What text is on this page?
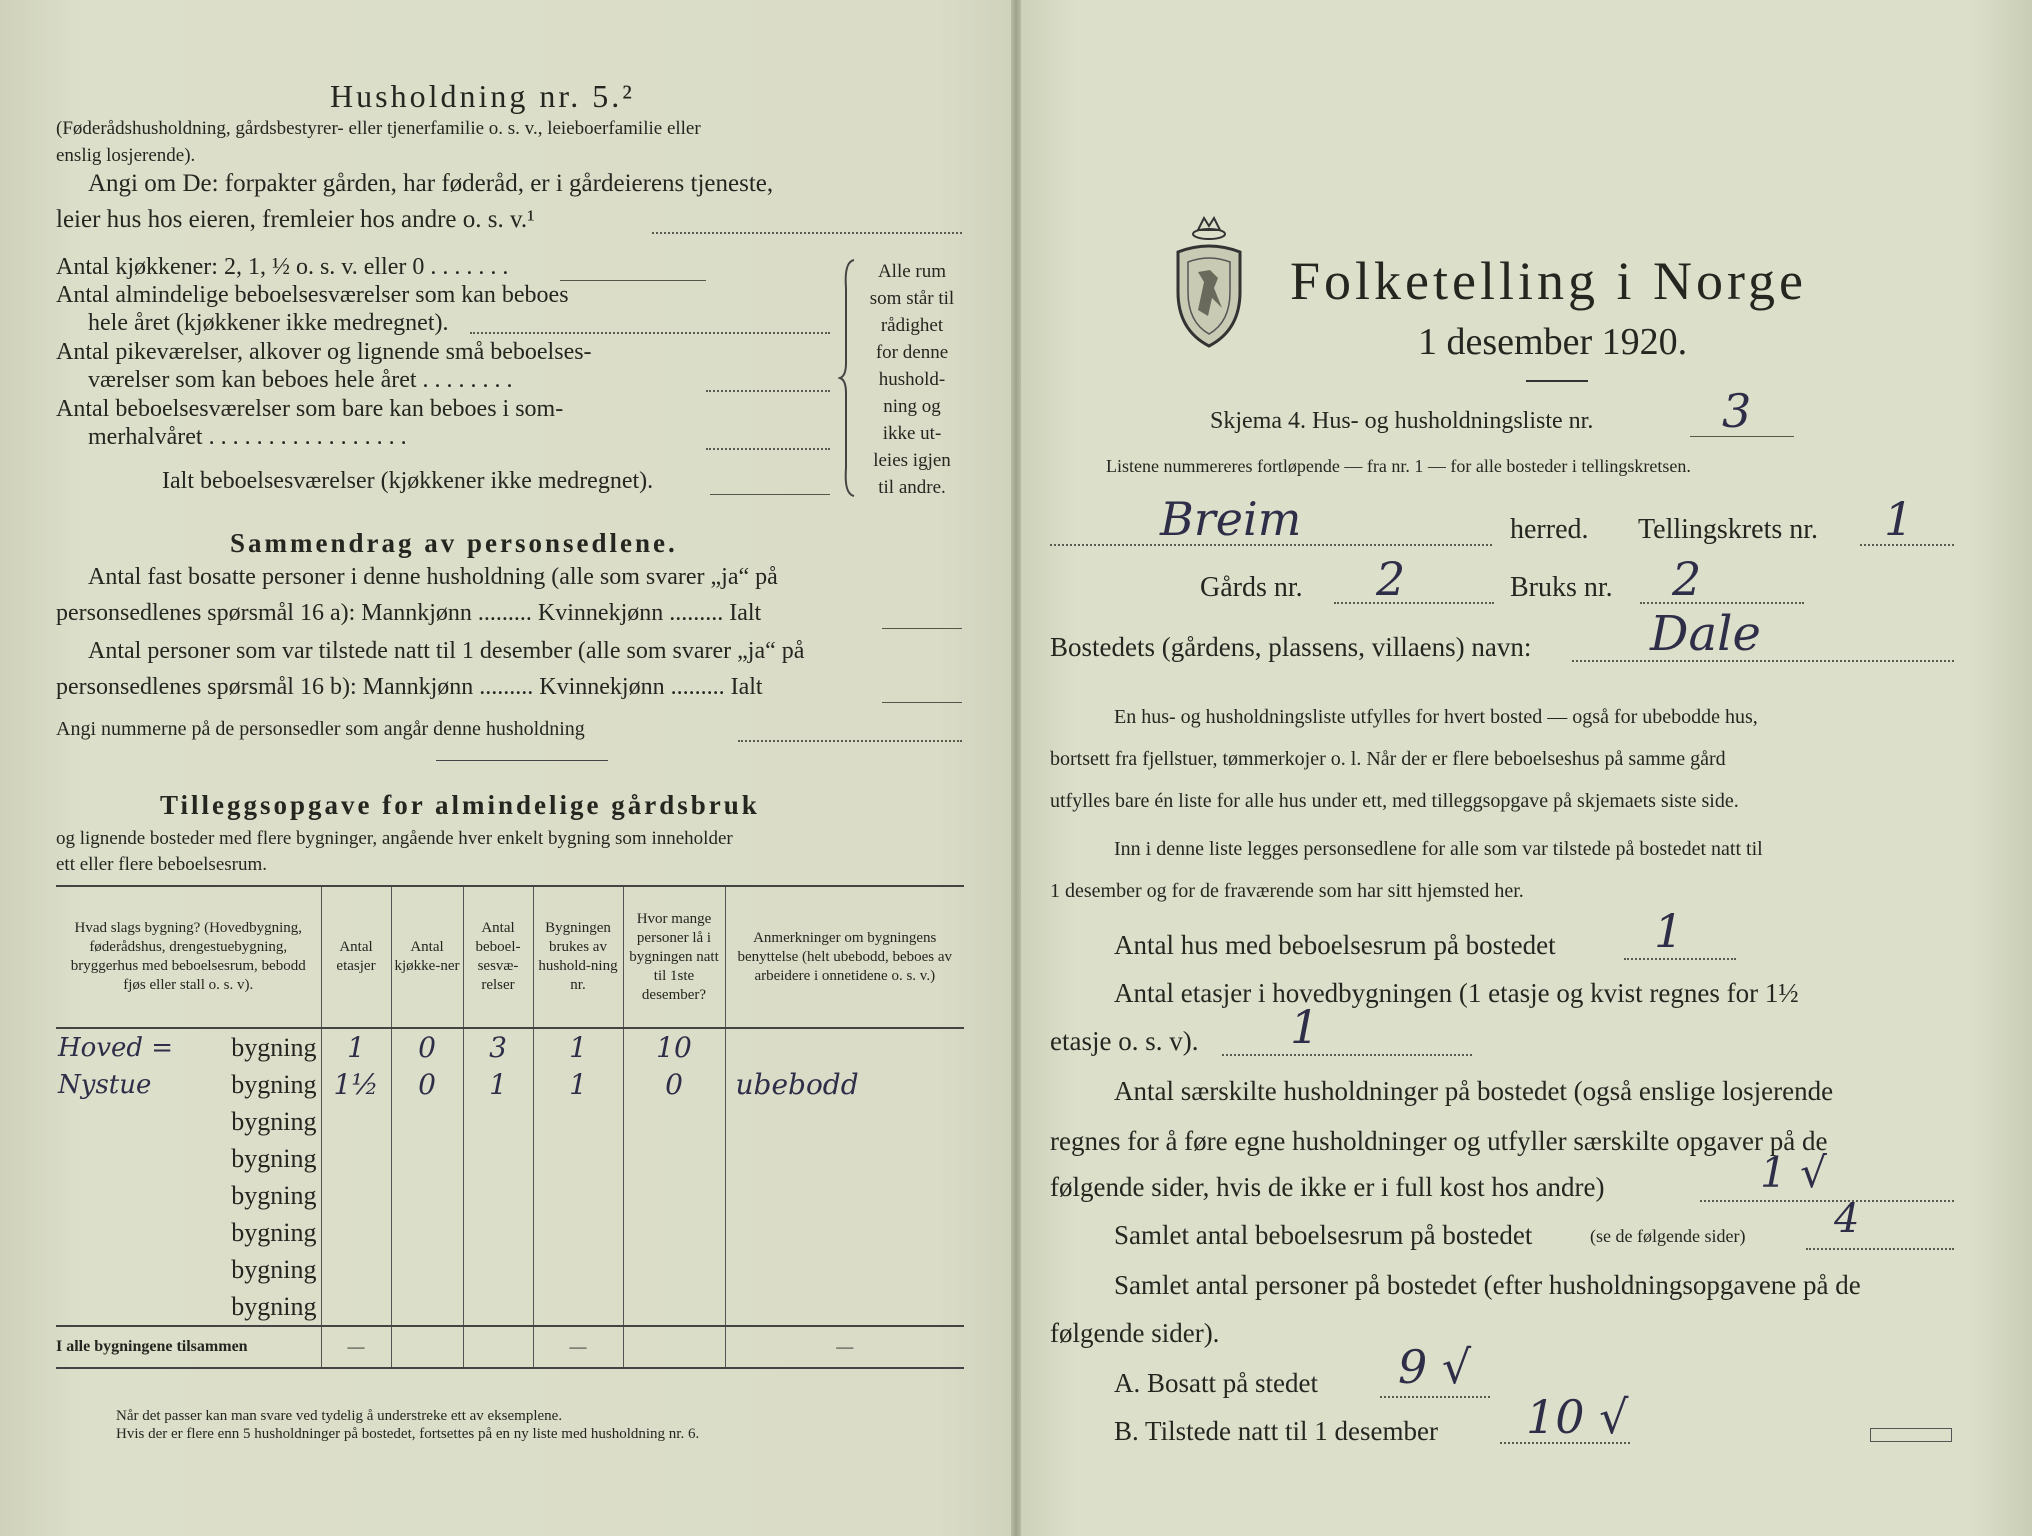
Husholdning nr. 5.²
(Føderådshusholdning, gårdsbestyrer- eller tjenerfamilie o. s. v., leieboerfamilie eller
enslig losjerende).
Angi om De: forpakter gården, har føderåd, er i gårdeierens tjeneste,
leier hus hos eieren, fremleier hos andre o. s. v.¹
Antal kjøkkener: 2, 1, ½ o. s. v. eller 0 . . . . . . .
Antal almindelige beboelsesværelser som kan beboes
hele året (kjøkkener ikke medregnet).
Antal pikeværelser, alkover og lignende små beboelses-
værelser som kan beboes hele året . . . . . . . .
Antal beboelsesværelser som bare kan beboes i som-
merhalvåret . . . . . . . . . . . . . . . . .
Ialt beboelsesværelser (kjøkkener ikke medregnet).
Alle rum
som står til
rådighet
for denne
hushold-
ning og
ikke ut-
leies igjen
til andre.
Sammendrag av personsedlene.
Antal fast bosatte personer i denne husholdning (alle som svarer „ja“ på
personsedlenes spørsmål 16 a): Mannkjønn ......... Kvinnekjønn ......... Ialt
Antal personer som var tilstede natt til 1 desember (alle som svarer „ja“ på
personsedlenes spørsmål 16 b): Mannkjønn ......... Kvinnekjønn ......... Ialt
Angi nummerne på de personsedler som angår denne husholdning
Tilleggsopgave for almindelige gårdsbruk
og lignende bosteder med flere bygninger, angående hver enkelt bygning som inneholder
ett eller flere beboelsesrum.
Hvad slags bygning? (Hovedbygning, føderådshus, drengestuebygning, bryggerhus med beboelsesrum, bebodd fjøs eller stall o. s. v).	Antal etasjer	Antal kjøkke-ner	Antal beboel-sesvæ-relser	Bygningen brukes av hushold-ning nr.	Hvor mange personer lå i bygningen natt til 1ste desember?	Anmerkninger om bygningens benyttelse (helt ubebodd, beboes av arbeidere i onnetidene o. s. v.)

Hoved = bygning	1	0	3	1	10	

Nystue bygning	1½	0	1	1	0	ubebodd

bygning						

bygning						

bygning						

bygning						

bygning						

bygning						
I alle bygningene tilsammen	—			—		—
Når det passer kan man svare ved tydelig å understreke ett av eksemplene.
Hvis der er flere enn 5 husholdninger på bostedet, fortsettes på en ny liste med husholdning nr. 6.
Folketelling i Norge
1 desember 1920.
Skjema 4. Hus- og husholdningsliste nr.	3
Listene nummereres fortløpende — fra nr. 1 — for alle bosteder i tellingskretsen.
Breim	herred. Tellingskrets nr. 1
Gårds nr. 2	Bruks nr. 2
Bostedets (gårdens, plassens, villaens) navn: Dale
En hus- og husholdningsliste utfylles for hvert bosted — også for ubebodde hus,
bortsett fra fjellstuer, tømmerkojer o. l. Når der er flere beboelseshus på samme gård
utfylles bare én liste for alle hus under ett, med tilleggsopgave på skjemaets siste side.
Inn i denne liste legges personsedlene for alle som var tilstede på bostedet natt til
1 desember og for de fraværende som har sitt hjemsted her.
Antal hus med beboelsesrum på bostedet 1
Antal etasjer i hovedbygningen (1 etasje og kvist regnes for 1½
etasje o. s. v). 1
Antal særskilte husholdninger på bostedet (også enslige losjerende
regnes for å føre egne husholdninger og utfyller særskilte opgaver på de
følgende sider, hvis de ikke er i full kost hos andre)	1 √
Samlet antal beboelsesrum på bostedet	(se de følgende sider) 4
Samlet antal personer på bostedet (efter husholdningsopgavene på de
følgende sider).
A. Bosatt på stedet 9 √
B. Tilstede natt til 1 desember 10 √
